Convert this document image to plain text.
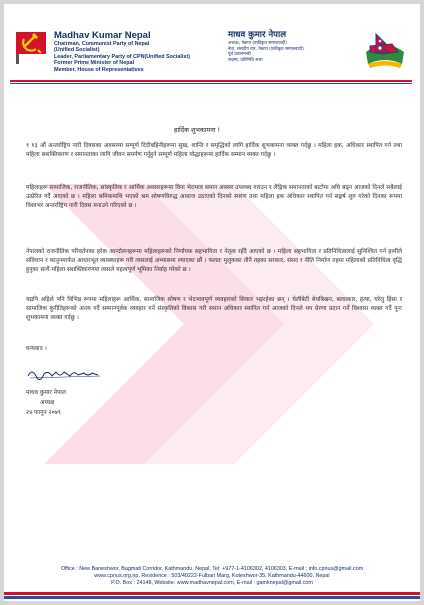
Madhav Kumar Nepal
Chairman, Communist Party of Nepal
(Unified Socialist)
Leader, Parliamentary Party of CPN(Unified Socialist)
Former Prime Minister of Nepal
Member, House of Representatives
माधव कुमार नेपाल
अध्यक्ष, नेकपा (एकीकृत समाजवादी)
नेता, संसदीय दल, नेकपा (एकीकृत समाजवादी)
पूर्व प्रधानमन्त्री
सदस्य, प्रतिनिधि सभा
हार्दिक शुभकामना !
१ १३ औं अन्तर्राष्ट्रिय नारी दिवसका अवसरमा सम्पूर्ण दिदीबहिनीहरूमा सुख, शान्ति र समृद्धिको लागि हार्दिक शुभकामना व्यक्त गर्दछु । महिला हक, अधिकार स्थापित गर्न तथा महिला सशक्तिकरण र समानताका लागि जीवन समर्पण गर्नुहुने सम्पूर्ण महिला योद्धाहरूमा हार्दिक सम्मान व्यक्त गर्दछु ।
महिलाहरू सामाजिक, राजनीतिक, सांस्कृतिक र आर्थिक अवसरहरूमा विना भेदभाव समान अवसर उपलब्ध गराउन र लैङ्गिक समानताको बाटोमा अघि बढ्न आजको दिनले सबैलाई उत्प्रेरित गर्दै आएको छ । महिला श्रमिकमाथि भएको श्रम शोषणविरुद्ध आवाज उठाएको दिनको स्मरण तथा महिला हक अधिकार स्थापित गर्न सङ्घर्ष शुरु गरेको दिनका रूपमा विश्वभर अन्तर्राष्ट्रिय नारी दिवस मनाउने गरिएको छ ।
नेपालको राजनीतिक परिवर्तनका हरेक आन्दोलनहरूमा महिलाहरूको निर्णायक सहभागिता र नेतृत्व रहँदै आएको छ । महिला सहभागिता र प्रतिनिधित्वलाई सुनिश्चित गर्न हामीले संविधान र कानुनमार्फत आधारभूत व्यवस्थाहरू गरी त्यसलाई अभ्यासमा ल्याएका छौं । फलतः मुलुकका तीनै तहका सरकार, संसद र नीति निर्माण तहमा महिलाको प्रतिनिधित्व वृद्धि हुनुका साथै महिला सशक्तिकरणमा त्यसले महत्वपूर्ण भूमिका निर्वाह गरेको छ ।
यद्यपि अहिले पनि विभिन्न रूपमा महिलाहरू आर्थिक, सामाजिक शोषण र भेदभावपूर्ण व्यवहारको सिकार भइरहेका छन् । चेलीबेटी बेचबिखन, बलात्कार, हत्या, घरेलु हिंसा र सामाजिक कुरीतिहरूको अन्त्य गर्दै सम्मानपूर्वक व्यवहार गर्ने संस्कृतिको विकास गरी समान अधिकार स्थापित गर्न आजको दिनले थप प्रेरणा प्रदान गर्ने विश्वास व्यक्त गर्दै पुनः शुभकामना व्यक्त गर्दछु ।
धन्यवाद ।
माधव कुमार नेपाल
अध्यक्ष
२४ फागुन २०७९
Office : New Baneshwor, Bagmati Corridor, Kathmandu, Nepal, Tel: +977-1-4106302, 4106303, E-mail : info.cpnus@gmail.com
www.cpnus.org.np, Residence : 503/40222-Fulbari Marg, Koteshwor-35, Kathmandu-44600, Nepal
P.O. Box : 24148, Website: www.madhavnepal.com, E-mail : gamknepal@gmail.com
